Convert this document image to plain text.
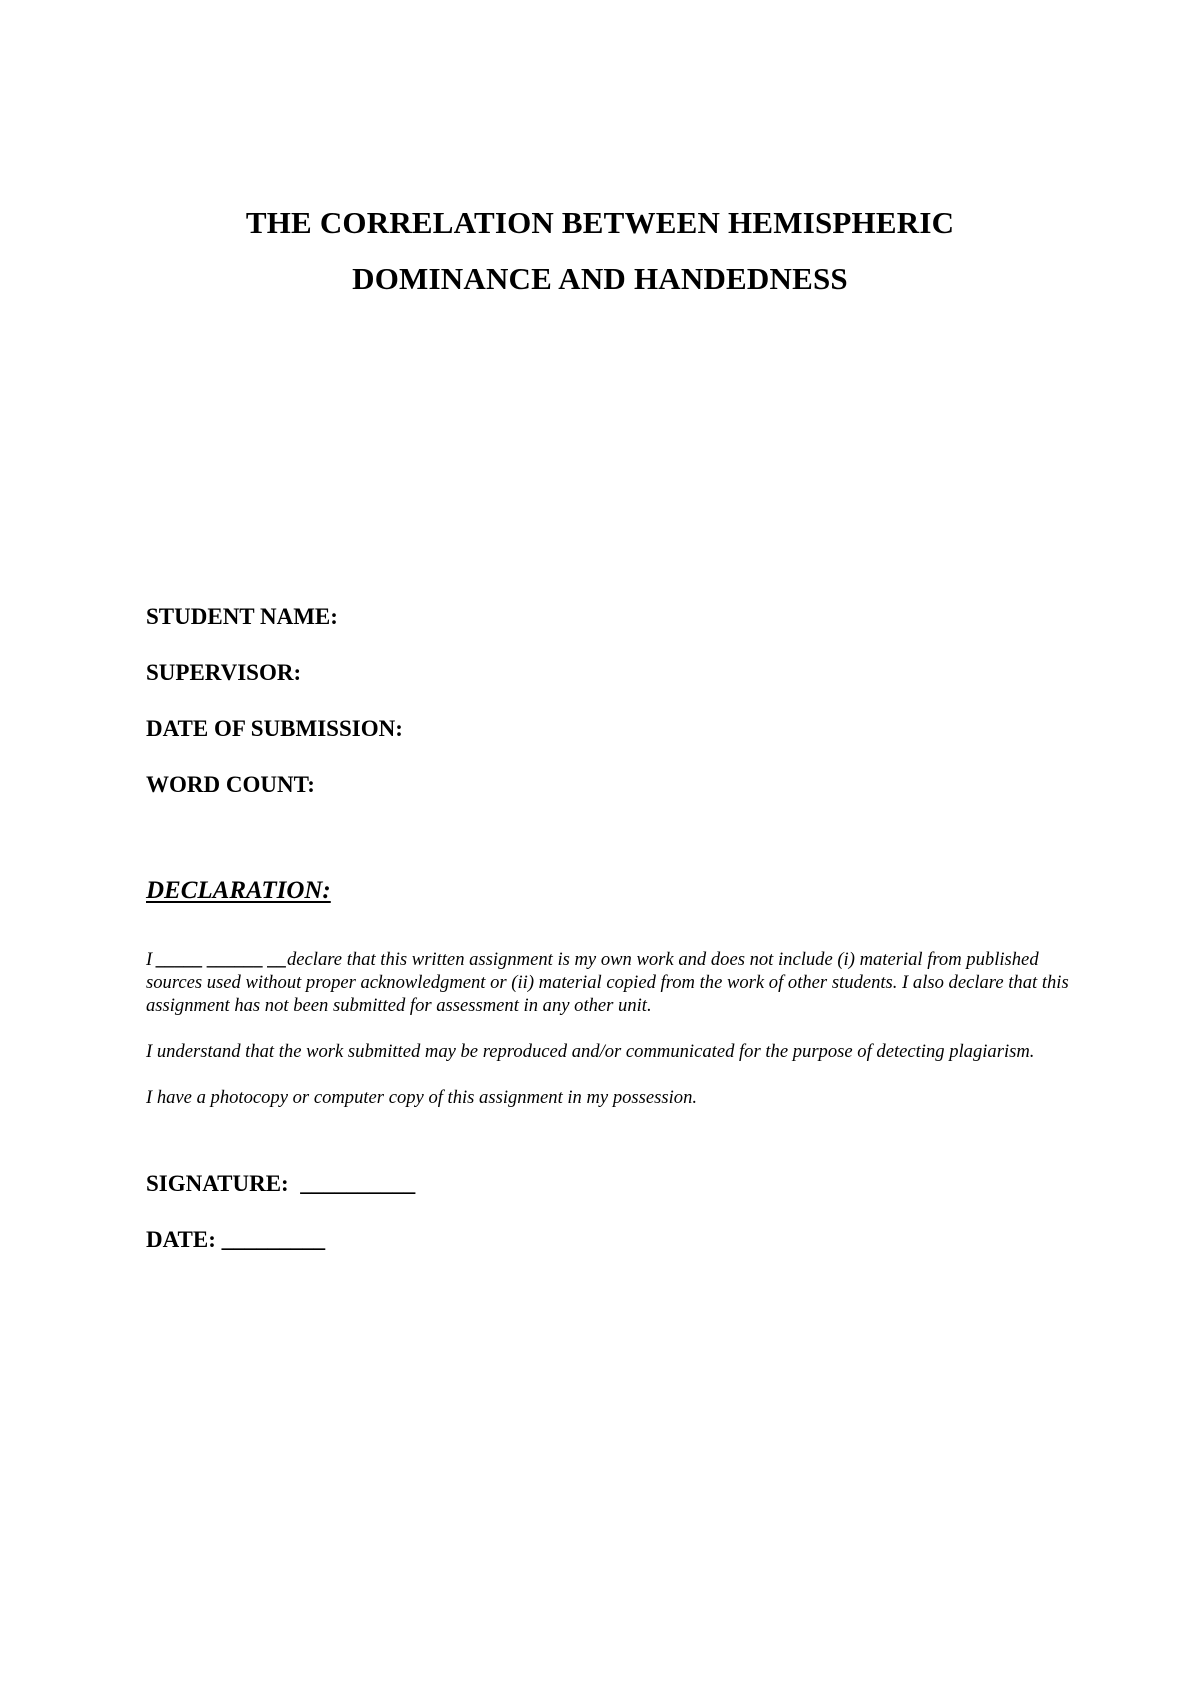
THE CORRELATION BETWEEN HEMISPHERIC

DOMINANCE AND HANDEDNESS

STUDENT NAME:
SUPERVISOR:
DATE OF SUBMISSION:
WORD COUNT:
DECLARATION:

I _____ ______ __declare that this written assignment is my own work and does not include (i) material from published sources used without proper acknowledgment or (ii) material copied from the work of other students. I also declare that this assignment has not been submitted for assessment in any other unit.

I understand that the work submitted may be reproduced and/or communicated for the purpose of detecting plagiarism.

I have a photocopy or computer copy of this assignment in my possession.

SIGNATURE:  __________
DATE: _________
